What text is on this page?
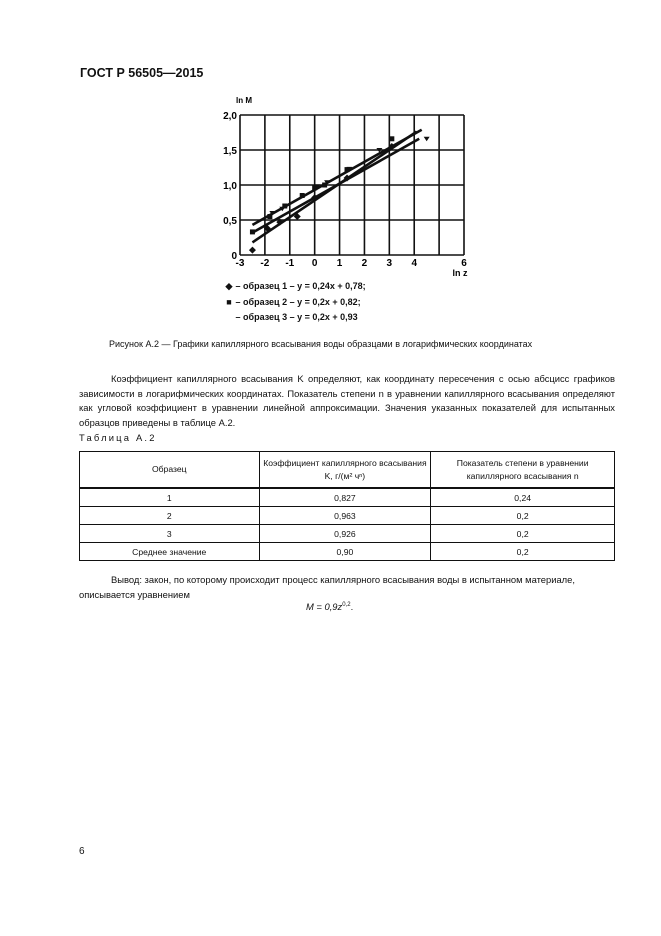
ГОСТ Р 56505—2015
0
0,5
1,0
1,5
2,0
-3 -2 -1 0 1 2 3 4	6
ln z
ln M
◆ – образец 1 – y = 0,24x + 0,78;
■ – образец 2 – y = 0,2x + 0,82;
– образец 3 – y = 0,2x + 0,93
Рисунок А.2 — Графики капиллярного всасывания воды образцами в логарифмических координатах
Коэффициент капиллярного всасывания K определяют, как координату пересечения с осью абсцисс графиков зависимости в логарифмических координатах. Показатель степени n в уравнении капиллярного всасывания определяют как угловой коэффициент в уравнении линейной аппроксимации. Значения указанных показателей для испытанных образцов приведены в таблице А.2.
Таблица А.2
Образец	Коэффициент капиллярного всасывания K, г/(м² чⁿ)	Показатель степени в уравнении капиллярного всасывания n
1	0,827	0,24
2	0,963	0,2
3	0,926	0,2
Среднее значение	0,90	0,2
Вывод: закон, по которому происходит процесс капиллярного всасывания воды в испытанном материале, описывается уравнением
$M = 0,9z^{0,2}$.
6
